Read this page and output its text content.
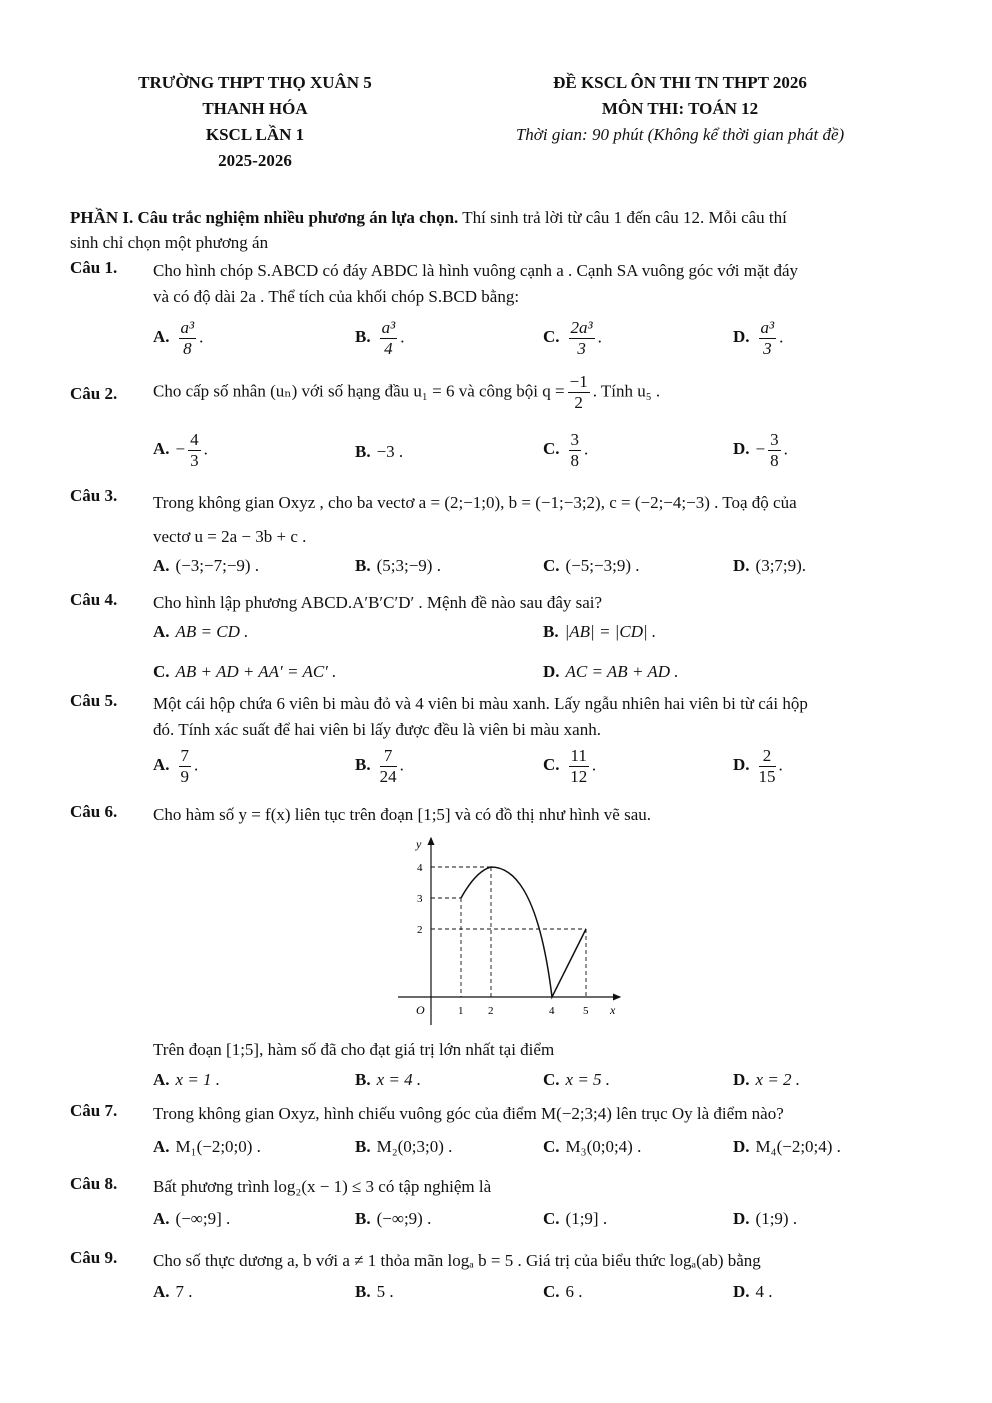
TRƯỜNG THPT THỌ XUÂN 5
THANH HÓA
KSCL LẦN 1
2025-2026
ĐỀ KSCL ÔN THI TN THPT 2026
MÔN THI: TOÁN 12
Thời gian: 90 phút (Không kể thời gian phát đề)
PHẦN I. Câu trắc nghiệm nhiều phương án lựa chọn. Thí sinh trả lời từ câu 1 đến câu 12. Mỗi câu thí
sinh chỉ chọn một phương án
Câu 1. Cho hình chóp S.ABCD có đáy ABDC là hình vuông cạnh a . Cạnh SA vuông góc với mặt đáy
và có độ dài 2a . Thể tích của khối chóp S.BCD bằng:
A. $\frac{\text{a³}}{8}$ .	B. $\frac{\text{a³}}{4}$ .	C. $\frac{\text{2a³}}{3}$ .	D. $\frac{\text{a³}}{3}$ .
Câu 2. Cho cấp số nhân (uₙ) với số hạng đầu u₁ = 6 và công bội $q = \frac{-1}{2}$ . Tính u₅ .
A. − $\frac{4}{3}$ .	B. −3 .	C. $\frac{3}{8}$ .	D. − $\frac{3}{8}$ .
Câu 3. Trong không gian Oxyz , cho ba vectơ a = (2;−1;0), b = (−1;−3;2), c = (−2;−4;−3) . Toạ độ của
vectơ u = 2a − 3b + c .
A. (−3;−7;−9) .	B. (5;3;−9) .	C. (−5;−3;9) .	D. (3;7;9).
Câu 4. Cho hình lập phương ABCD.A′B′C′D′ . Mệnh đề nào sau đây sai?
A. AB = CD .	B. |AB| = |CD| .
C. AB + AD + AA′ = AC′ .	D. AC = AB + AD .
Câu 5. Một cái hộp chứa 6 viên bi màu đỏ và 4 viên bi màu xanh. Lấy ngẫu nhiên hai viên bi từ cái hộp
đó. Tính xác suất để hai viên bi lấy được đều là viên bi màu xanh.
A. $\frac{7}{9}$ .	B. $\frac{7}{24}$ .	C. $\frac{11}{12}$ .	D. $\frac{2}{15}$ .
Câu 6. Cho hàm số y = f(x) liên tục trên đoạn [1;5] và có đồ thị như hình vẽ sau.
y
x
O	1 2	4	5
2
3
4
Trên đoạn [1;5], hàm số đã cho đạt giá trị lớn nhất tại điểm
A. x = 1 .	B. x = 4 .	C. x = 5 .	D. x = 2 .
Câu 7. Trong không gian Oxyz, hình chiếu vuông góc của điểm M(−2;3;4) lên trục Oy là điểm nào?
A. M₁(−2;0;0) .	B. M₂(0;3;0) .	C. M₃(0;0;4) .	D. M₄(−2;0;4) .
Câu 8. Bất phương trình log₂(x − 1) ≤ 3 có tập nghiệm là
A. (−∞;9] .	B. (−∞;9) .	C. (1;9] .	D. (1;9) .
Câu 9. Cho số thực dương a, b với a ≠ 1 thỏa mãn logₐ b = 5 . Giá trị của biểu thức logₐ(ab) bằng
A. 7 .	B. 5 .	C. 6 .	D. 4 .
